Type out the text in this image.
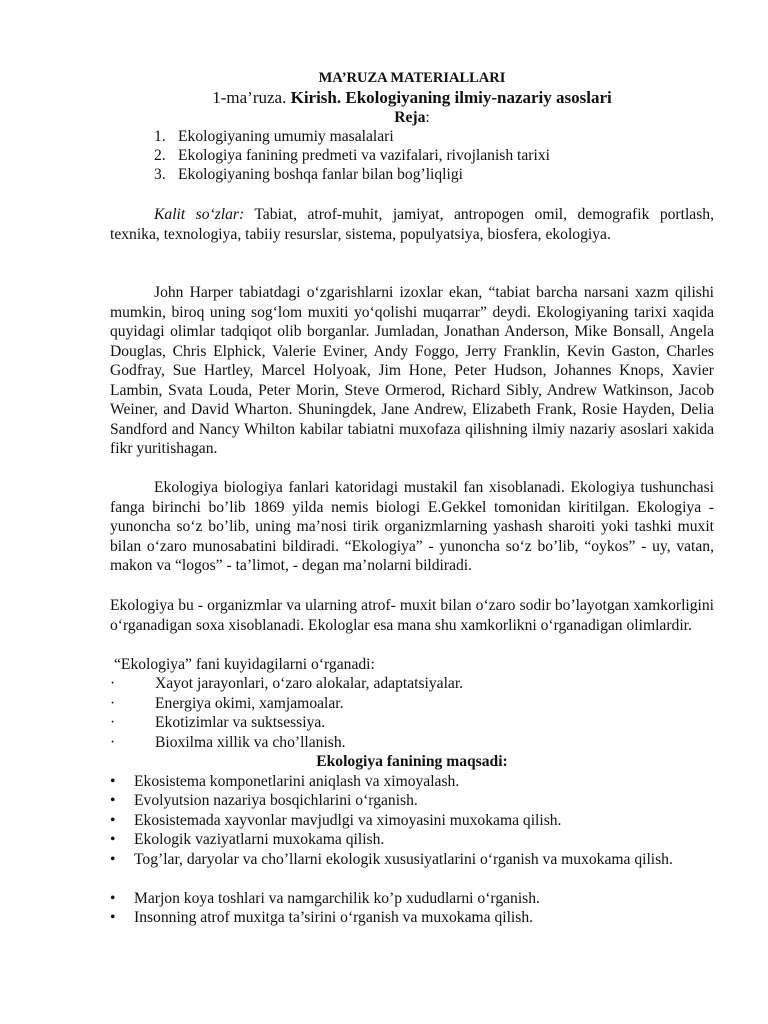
MA’RUZA MATERIALLARI
1-ma’ruza. Kirish. Ekologiyaning ilmiy-nazariy asoslari
Reja:
1. Ekologiyaning umumiy masalalari
2. Ekologiya fanining predmeti va vazifalari, rivojlanish tarixi
3. Ekologiyaning boshqa fanlar bilan bog’liqligi

Kalit so‘zlar: Tabiat, atrof-muhit, jamiyat, antropogen omil, demografik portlash, texnika, texnologiya, tabiiy resurslar, sistema, populyatsiya, biosfera, ekologiya.

John Harper tabiatdagi o‘zgarishlarni izoxlar ekan, “tabiat barcha narsani xazm qilishi mumkin, biroq uning sog‘lom muxiti yo‘qolishi muqarrar” deydi. Ekologiyaning tarixi xaqida quyidagi olimlar tadqiqot olib borganlar. Jumladan, Jonathan Anderson, Mike Bonsall, Angela Douglas, Chris Elphick, Valerie Eviner, Andy Foggo, Jerry Franklin, Kevin Gaston, Charles Godfray, Sue Hartley, Marcel Holyoak, Jim Hone, Peter Hudson, Johannes Knops, Xavier Lambin, Svata Louda, Peter Morin, Steve Ormerod, Richard Sibly, Andrew Watkinson, Jacob Weiner, and David Wharton. Shuningdek, Jane Andrew, Elizabeth Frank, Rosie Hayden, Delia Sandford and Nancy Whilton kabilar tabiatni muxofaza qilishning ilmiy nazariy asoslari xakida fikr yuritishagan.

Ekologiya biologiya fanlari katoridagi mustakil fan xisoblanadi. Ekologiya tushunchasi fanga birinchi bo’lib 1869 yilda nemis biologi E.Gekkel tomonidan kiritilgan. Ekologiya - yunoncha so‘z bo’lib, uning ma’nosi tirik organizmlarning yashash sharoiti yoki tashki muxit bilan o‘zaro munosabatini bildiradi. “Ekologiya” - yunoncha so‘z bo’lib, “oykos” - uy, vatan, makon va “logos” - ta’limot, - degan ma’nolarni bildiradi.

Ekologiya bu - organizmlar va ularning atrof- muxit bilan o‘zaro sodir bo’layotgan xamkorligini o‘rganadigan soxa xisoblanadi. Ekologlar esa mana shu xamkorlikni o‘rganadigan olimlardir.

“Ekologiya” fani kuyidagilarni o‘rganadi:

·	Xayot jarayonlari, o‘zaro alokalar, adaptatsiyalar.
·	Energiya okimi, xamjamoalar.
·	Ekotizimlar va suktsessiya.
·	Bioxilma xillik va cho’llanish.
Ekologiya fanining maqsadi:
• Ekosistema komponetlarini aniqlash va ximoyalash.
• Evolyutsion nazariya bosqichlarini o‘rganish.
• Ekosistemada xayvonlar mavjudlgi va ximoyasini muxokama qilish.
• Ekologik vaziyatlarni muxokama qilish.
• Tog’lar, daryolar va cho’llarni ekologik xususiyatlarini o‘rganish va muxokama qilish.
• Marjon koya toshlari va namgarchilik ko’p xududlarni o‘rganish.
• Insonning atrof muxitga ta’sirini o‘rganish va muxokama qilish.
